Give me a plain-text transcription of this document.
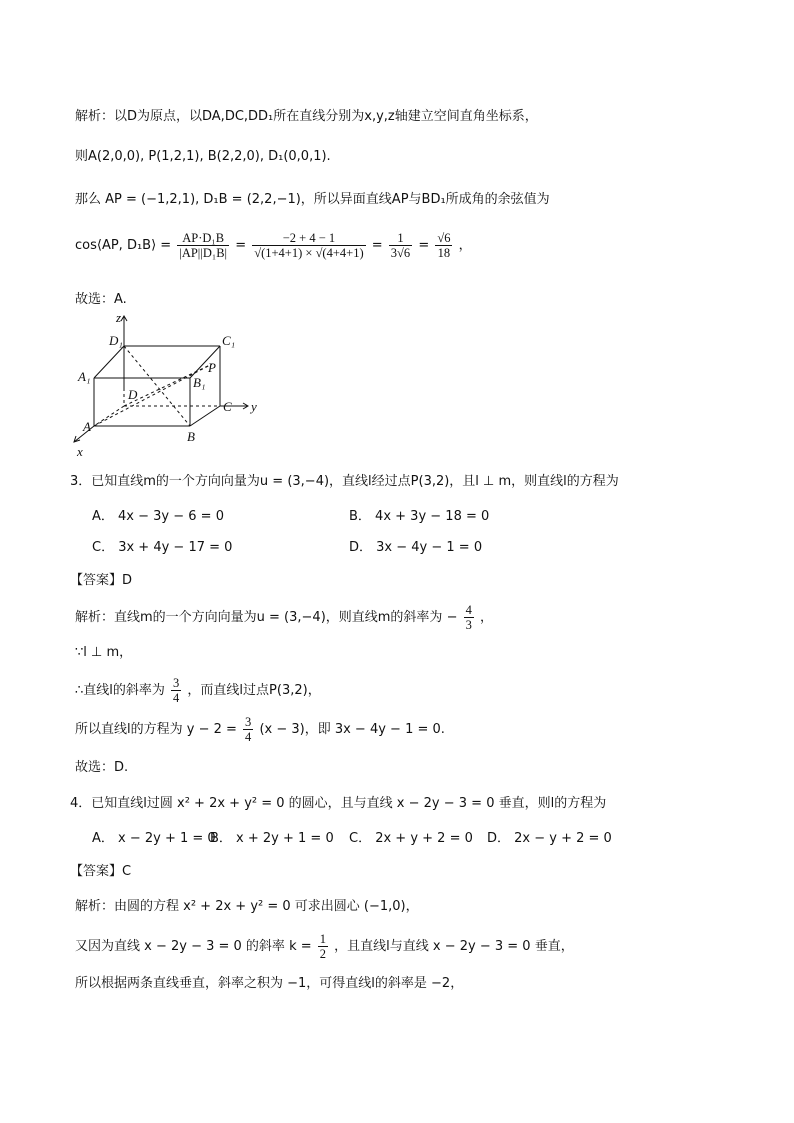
解析：以D为原点，以DA,DC,DD₁所在直线分别为x,y,z轴建立空间直角坐标系，
则A(2,0,0), P(1,2,1), B(2,2,0), D₁(0,0,1).
那么 AP = (−1,2,1), D₁B = (2,2,−1)，所以异面直线AP与BD₁所成角的余弦值为
cos⟨AP, D₁B⟩ = $\frac{\text{AP·D₁B}}{\text{|AP||D₁B|}} = \frac{-2 + 4 - 1}{√(1+4+1) \times √(4+4+1)} = \frac{1}{3√6} = \frac{√6}{18}$ ，
故选：A.
z
y
x
D₁	C₁
A₁	B₁
P
D
C
A
B
3．已知直线m的一个方向向量为u = (3,−4)，直线l经过点P(3,2)，且l ⊥ m，则直线l的方程为
A． 4x − 3y − 6 = 0	B． 4x + 3y − 18 = 0
C． 3x + 4y − 17 = 0	D． 3x − 4y − 1 = 0
【答案】D
解析：直线m的一个方向向量为u = (3,−4)，则直线m的斜率为 − $\frac{4}{3}$ ，
∵l ⊥ m，
∴直线l的斜率为 $\frac{3}{4}$ ，而直线l过点P(3,2)，
所以直线l的方程为 $y - 2 = \frac{3}{4} (x - 3)$，即 3x − 4y − 1 = 0.
故选：D.
4．已知直线l过圆 x² + 2x + y² = 0 的圆心，且与直线 x − 2y − 3 = 0 垂直，则l的方程为
A． x − 2y + 1 = 0
B． x + 2y + 1 = 0 C． 2x + y + 2 = 0 D． 2x − y + 2 = 0
【答案】C
解析：由圆的方程 x² + 2x + y² = 0 可求出圆心 (−1,0)，
又因为直线 x − 2y − 3 = 0 的斜率 $k = \frac{1}{2}$ ，且直线l与直线 x − 2y − 3 = 0 垂直，
所以根据两条直线垂直，斜率之积为 −1，可得直线l的斜率是 −2，
